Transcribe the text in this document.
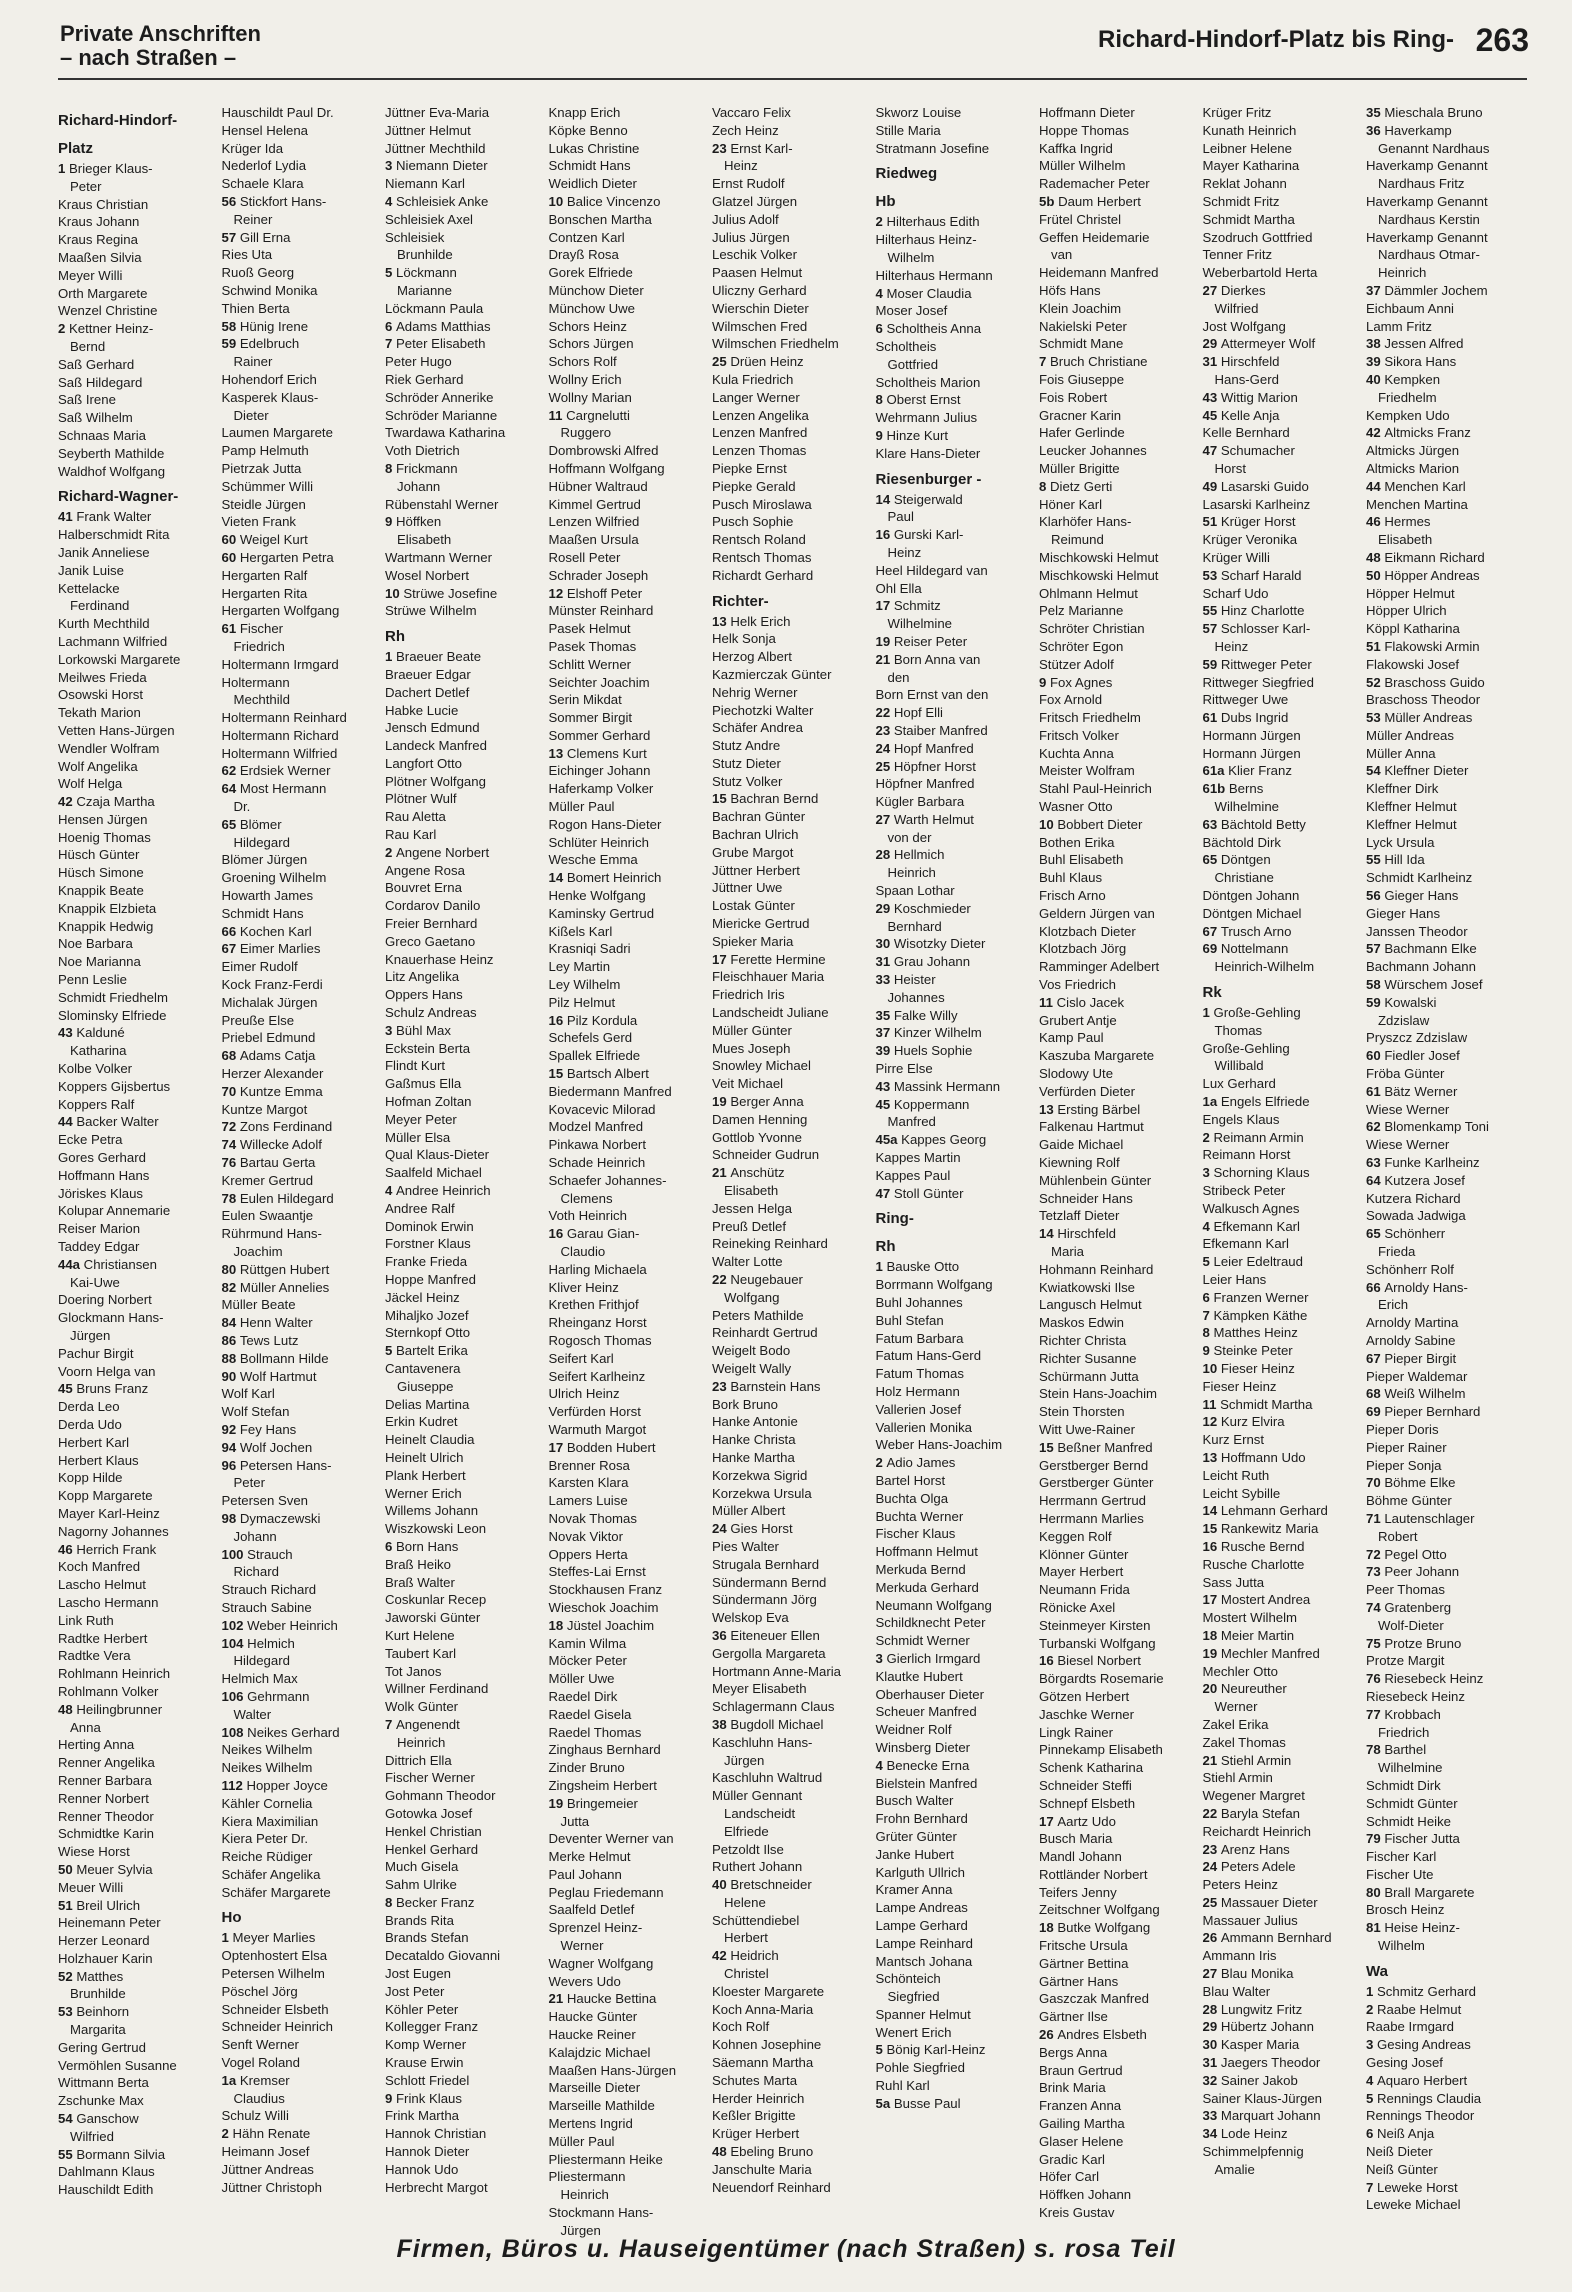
Private Anschriften
– nach Straßen –
Richard-Hindorf-Platz bis Ring- 263
Richard-Hindorf-
Platz
1 Brieger Klaus-
Peter
Kraus Christian
Kraus Johann
Kraus Regina
Maaßen Silvia
Meyer Willi
Orth Margarete
Wenzel Christine
2 Kettner Heinz-
Bernd
Saß Gerhard
Saß Hildegard
Saß Irene
Saß Wilhelm
Schnaas Maria
Seyberth Mathilde
Waldhof Wolfgang
Richard-Wagner-
41 Frank Walter
Halberschmidt Rita
Janik Anneliese
Janik Luise
Kettelacke
Ferdinand
Kurth Mechthild
Lachmann Wilfried
Lorkowski Margarete
Meilwes Frieda
Osowski Horst
Tekath Marion
Vetten Hans-Jürgen
Wendler Wolfram
Wolf Angelika
Wolf Helga
42 Czaja Martha
Hensen Jürgen
Hoenig Thomas
Hüsch Günter
Hüsch Simone
Knappik Beate
Knappik Elzbieta
Knappik Hedwig
Noe Barbara
Noe Marianna
Penn Leslie
Schmidt Friedhelm
Slominsky Elfriede
43 Kalduné
Katharina
Kolbe Volker
Koppers Gijsbertus
Koppers Ralf
44 Backer Walter
Ecke Petra
Gores Gerhard
Hoffmann Hans
Jöriskes Klaus
Kolupar Annemarie
Reiser Marion
Taddey Edgar
44a Christiansen
Kai-Uwe
Doering Norbert
Glockmann Hans-
Jürgen
Pachur Birgit
Voorn Helga van
45 Bruns Franz
Derda Leo
Derda Udo
Herbert Karl
Herbert Klaus
Kopp Hilde
Kopp Margarete
Mayer Karl-Heinz
Nagorny Johannes
46 Herrich Frank
Koch Manfred
Lascho Helmut
Lascho Hermann
Link Ruth
Radtke Herbert
Radtke Vera
Rohlmann Heinrich
Rohlmann Volker
48 Heilingbrunner
Anna
Herting Anna
Renner Angelika
Renner Barbara
Renner Norbert
Renner Theodor
Schmidtke Karin
Wiese Horst
50 Meuer Sylvia
Meuer Willi
51 Breil Ulrich
Heinemann Peter
Herzer Leonard
Holzhauer Karin
52 Matthes
Brunhilde
53 Beinhorn
Margarita
Gering Gertrud
Vermöhlen Susanne
Wittmann Berta
Zschunke Max
54 Ganschow
Wilfried
55 Bormann Silvia
Dahlmann Klaus
Hauschildt Edith
Hauschildt Paul Dr.
Hensel Helena
Krüger Ida
Nederlof Lydia
Schaele Klara
56 Stickfort Hans-
Reiner
57 Gill Erna
Ries Uta
Ruoß Georg
Schwind Monika
Thien Berta
58 Hünig Irene
59 Edelbruch
Rainer
Hohendorf Erich
Kasperek Klaus-
Dieter
Laumen Margarete
Pamp Helmuth
Pietrzak Jutta
Schümmer Willi
Steidle Jürgen
Vieten Frank
60 Weigel Kurt
60 Hergarten Petra
Hergarten Ralf
Hergarten Rita
Hergarten Wolfgang
61 Fischer
Friedrich
Holtermann Irmgard
Holtermann
Mechthild
Holtermann Reinhard
Holtermann Richard
Holtermann Wilfried
62 Erdsiek Werner
64 Most Hermann
Dr.
65 Blömer
Hildegard
Blömer Jürgen
Groening Wilhelm
Howarth James
Schmidt Hans
66 Kochen Karl
67 Eimer Marlies
Eimer Rudolf
Kock Franz-Ferdi
Michalak Jürgen
Preuße Else
Priebel Edmund
68 Adams Catja
Herzer Alexander
70 Kuntze Emma
Kuntze Margot
72 Zons Ferdinand
74 Willecke Adolf
76 Bartau Gerta
Kremer Gertrud
78 Eulen Hildegard
Eulen Swaantje
Rührmund Hans-
Joachim
80 Rüttgen Hubert
82 Müller Annelies
Müller Beate
84 Henn Walter
86 Tews Lutz
88 Bollmann Hilde
90 Wolf Hartmut
Wolf Karl
Wolf Stefan
92 Fey Hans
94 Wolf Jochen
96 Petersen Hans-
Peter
Petersen Sven
98 Dymaczewski
Johann
100 Strauch
Richard
Strauch Richard
Strauch Sabine
102 Weber Heinrich
104 Helmich
Hildegard
Helmich Max
106 Gehrmann
Walter
108 Neikes Gerhard
Neikes Wilhelm
Neikes Wilhelm
112 Hopper Joyce
Kähler Cornelia
Kiera Maximilian
Kiera Peter Dr.
Reiche Rüdiger
Schäfer Angelika
Schäfer Margarete
Ho
1 Meyer Marlies
Optenhostert Elsa
Petersen Wilhelm
Pöschel Jörg
Schneider Elsbeth
Schneider Heinrich
Senft Werner
Vogel Roland
1a Kremser
Claudius
Schulz Willi
2 Hähn Renate
Heimann Josef
Jüttner Andreas
Jüttner Christoph
Jüttner Eva-Maria
Jüttner Helmut
Jüttner Mechthild
3 Niemann Dieter
Niemann Karl
4 Schleisiek Anke
Schleisiek Axel
Schleisiek
Brunhilde
5 Löckmann
Marianne
Löckmann Paula
6 Adams Matthias
7 Peter Elisabeth
Peter Hugo
Riek Gerhard
Schröder Annerike
Schröder Marianne
Twardawa Katharina
Voth Dietrich
8 Frickmann
Johann
Rübenstahl Werner
9 Höffken
Elisabeth
Wartmann Werner
Wosel Norbert
10 Strüwe Josefine
Strüwe Wilhelm
Rh
1 Braeuer Beate
Braeuer Edgar
Dachert Detlef
Habke Lucie
Jensch Edmund
Landeck Manfred
Langfort Otto
Plötner Wolfgang
Plötner Wulf
Rau Aletta
Rau Karl
2 Angene Norbert
Angene Rosa
Bouvret Erna
Cordarov Danilo
Freier Bernhard
Greco Gaetano
Knauerhase Heinz
Litz Angelika
Oppers Hans
Schulz Andreas
3 Bühl Max
Eckstein Berta
Flindt Kurt
Gaßmus Ella
Hofman Zoltan
Meyer Peter
Müller Elsa
Qual Klaus-Dieter
Saalfeld Michael
4 Andree Heinrich
Andree Ralf
Dominok Erwin
Forstner Klaus
Franke Frieda
Hoppe Manfred
Jäckel Heinz
Mihaljko Jozef
Sternkopf Otto
5 Bartelt Erika
Cantavenera
Giuseppe
Delias Martina
Erkin Kudret
Heinelt Claudia
Heinelt Ulrich
Plank Herbert
Werner Erich
Willems Johann
Wiszkowski Leon
6 Born Hans
Braß Heiko
Braß Walter
Coskunlar Recep
Jaworski Günter
Kurt Helene
Taubert Karl
Tot Janos
Willner Ferdinand
Wolk Günter
7 Angenendt
Heinrich
Dittrich Ella
Fischer Werner
Gohmann Theodor
Gotowka Josef
Henkel Christian
Henkel Gerhard
Much Gisela
Sahm Ulrike
8 Becker Franz
Brands Rita
Brands Stefan
Decataldo Giovanni
Jost Eugen
Jost Peter
Köhler Peter
Kollegger Franz
Komp Werner
Krause Erwin
Schlott Friedel
9 Frink Klaus
Frink Martha
Hannok Christian
Hannok Dieter
Hannok Udo
Herbrecht Margot
Knapp Erich
Köpke Benno
Lukas Christine
Schmidt Hans
Weidlich Dieter
10 Balice Vincenzo
Bonschen Martha
Contzen Karl
Drayß Rosa
Gorek Elfriede
Münchow Dieter
Münchow Uwe
Schors Heinz
Schors Jürgen
Schors Rolf
Wollny Erich
Wollny Marian
11 Cargnelutti
Ruggero
Dombrowski Alfred
Hoffmann Wolfgang
Hübner Waltraud
Kimmel Gertrud
Lenzen Wilfried
Maaßen Ursula
Rosell Peter
Schrader Joseph
12 Elshoff Peter
Münster Reinhard
Pasek Helmut
Pasek Thomas
Schlitt Werner
Seichter Joachim
Serin Mikdat
Sommer Birgit
Sommer Gerhard
13 Clemens Kurt
Eichinger Johann
Haferkamp Volker
Müller Paul
Rogon Hans-Dieter
Schlüter Heinrich
Wesche Emma
14 Bomert Heinrich
Henke Wolfgang
Kaminsky Gertrud
Kißels Karl
Krasniqi Sadri
Ley Martin
Ley Wilhelm
Pilz Helmut
16 Pilz Kordula
Schefels Gerd
Spallek Elfriede
15 Bartsch Albert
Biedermann Manfred
Kovacevic Milorad
Modzel Manfred
Pinkawa Norbert
Schade Heinrich
Schaefer Johannes-
Clemens
Voth Heinrich
16 Garau Gian-
Claudio
Harling Michaela
Kliver Heinz
Krethen Frithjof
Rheinganz Horst
Rogosch Thomas
Seifert Karl
Seifert Karlheinz
Ulrich Heinz
Verfürden Horst
Warmuth Margot
17 Bodden Hubert
Brenner Rosa
Karsten Klara
Lamers Luise
Novak Thomas
Novak Viktor
Oppers Herta
Steffes-Lai Ernst
Stockhausen Franz
Wieschok Joachim
18 Jüstel Joachim
Kamin Wilma
Möcker Peter
Möller Uwe
Raedel Dirk
Raedel Gisela
Raedel Thomas
Zinghaus Bernhard
Zinder Bruno
Zingsheim Herbert
19 Bringemeier
Jutta
Deventer Werner van
Merke Helmut
Paul Johann
Peglau Friedemann
Saalfeld Detlef
Sprenzel Heinz-
Werner
Wagner Wolfgang
Wevers Udo
21 Haucke Bettina
Haucke Günter
Haucke Reiner
Kalajdzic Michael
Maaßen Hans-Jürgen
Marseille Dieter
Marseille Mathilde
Mertens Ingrid
Müller Paul
Pliestermann Heike
Pliestermann
Heinrich
Stockmann Hans-
Jürgen
Vaccaro Felix
Zech Heinz
23 Ernst Karl-
Heinz
Ernst Rudolf
Glatzel Jürgen
Julius Adolf
Julius Jürgen
Leschik Volker
Paasen Helmut
Uliczny Gerhard
Wierschin Dieter
Wilmschen Fred
Wilmschen Friedhelm
25 Drüen Heinz
Kula Friedrich
Langer Werner
Lenzen Angelika
Lenzen Manfred
Lenzen Thomas
Piepke Ernst
Piepke Gerald
Pusch Miroslawa
Pusch Sophie
Rentsch Roland
Rentsch Thomas
Richardt Gerhard
Richter-
13 Helk Erich
Helk Sonja
Herzog Albert
Kazmierczak Günter
Nehrig Werner
Piechotzki Walter
Schäfer Andrea
Stutz Andre
Stutz Dieter
Stutz Volker
15 Bachran Bernd
Bachran Günter
Bachran Ulrich
Grube Margot
Jüttner Herbert
Jüttner Uwe
Lostak Günter
Miericke Gertrud
Spieker Maria
17 Ferette Hermine
Fleischhauer Maria
Friedrich Iris
Landscheidt Juliane
Müller Günter
Mues Joseph
Snowley Michael
Veit Michael
19 Berger Anna
Damen Henning
Gottlob Yvonne
Schneider Gudrun
21 Anschütz
Elisabeth
Jessen Helga
Preuß Detlef
Reineking Reinhard
Walter Lotte
22 Neugebauer
Wolfgang
Peters Mathilde
Reinhardt Gertrud
Weigelt Bodo
Weigelt Wally
23 Barnstein Hans
Bork Bruno
Hanke Antonie
Hanke Christa
Hanke Martha
Korzekwa Sigrid
Korzekwa Ursula
Müller Albert
24 Gies Horst
Pies Walter
Strugala Bernhard
Sündermann Bernd
Sündermann Jörg
Welskop Eva
36 Eiteneuer Ellen
Gergolla Margareta
Hortmann Anne-Maria
Meyer Elisabeth
Schlagermann Claus
38 Bugdoll Michael
Kaschluhn Hans-
Jürgen
Kaschluhn Waltrud
Müller Gennant
Landscheidt
Elfriede
Petzoldt Ilse
Ruthert Johann
40 Bretschneider
Helene
Schüttendiebel
Herbert
42 Heidrich
Christel
Kloester Margarete
Koch Anna-Maria
Koch Rolf
Kohnen Josephine
Säemann Martha
Schutes Marta
Herder Heinrich
Keßler Brigitte
Krüger Herbert
48 Ebeling Bruno
Janschulte Maria
Neuendorf Reinhard
Skworz Louise
Stille Maria
Stratmann Josefine
Riedweg
Hb
2 Hilterhaus Edith
Hilterhaus Heinz-
Wilhelm
Hilterhaus Hermann
4 Moser Claudia
Moser Josef
6 Scholtheis Anna
Scholtheis
Gottfried
Scholtheis Marion
8 Oberst Ernst
Wehrmann Julius
9 Hinze Kurt
Klare Hans-Dieter
Riesenburger -
14 Steigerwald
Paul
16 Gurski Karl-
Heinz
Heel Hildegard van
Ohl Ella
17 Schmitz
Wilhelmine
19 Reiser Peter
21 Born Anna van
den
Born Ernst van den
22 Hopf Elli
23 Staiber Manfred
24 Hopf Manfred
25 Höpfner Horst
Höpfner Manfred
Kügler Barbara
27 Warth Helmut
von der
28 Hellmich
Heinrich
Spaan Lothar
29 Koschmieder
Bernhard
30 Wisotzky Dieter
31 Grau Johann
33 Heister
Johannes
35 Falke Willy
37 Kinzer Wilhelm
39 Huels Sophie
Pirre Else
43 Massink Hermann
45 Koppermann
Manfred
45a Kappes Georg
Kappes Martin
Kappes Paul
47 Stoll Günter
Ring-
Rh
1 Bauske Otto
Borrmann Wolfgang
Buhl Johannes
Buhl Stefan
Fatum Barbara
Fatum Hans-Gerd
Fatum Thomas
Holz Hermann
Vallerien Josef
Vallerien Monika
Weber Hans-Joachim
2 Adio James
Bartel Horst
Buchta Olga
Buchta Werner
Fischer Klaus
Hoffmann Helmut
Merkuda Bernd
Merkuda Gerhard
Neumann Wolfgang
Schildknecht Peter
Schmidt Werner
3 Gierlich Irmgard
Klautke Hubert
Oberhauser Dieter
Scheuer Manfred
Weidner Rolf
Winsberg Dieter
4 Benecke Erna
Bielstein Manfred
Busch Walter
Frohn Bernhard
Grüter Günter
Janke Hubert
Karlguth Ullrich
Kramer Anna
Lampe Andreas
Lampe Gerhard
Lampe Reinhard
Mantsch Johana
Schönteich
Siegfried
Spanner Helmut
Wenert Erich
5 Bönig Karl-Heinz
Pohle Siegfried
Ruhl Karl
5a Busse Paul
Hoffmann Dieter
Hoppe Thomas
Kaffka Ingrid
Müller Wilhelm
Rademacher Peter
5b Daum Herbert
Frütel Christel
Geffen Heidemarie
van
Heidemann Manfred
Höfs Hans
Klein Joachim
Nakielski Peter
Schmidt Mane
7 Bruch Christiane
Fois Giuseppe
Fois Robert
Gracner Karin
Hafer Gerlinde
Leucker Johannes
Müller Brigitte
8 Dietz Gerti
Höner Karl
Klarhöfer Hans-
Reimund
Mischkowski Helmut
Mischkowski Helmut
Ohlmann Helmut
Pelz Marianne
Schröter Christian
Schröter Egon
Stützer Adolf
9 Fox Agnes
Fox Arnold
Fritsch Friedhelm
Fritsch Volker
Kuchta Anna
Meister Wolfram
Stahl Paul-Heinrich
Wasner Otto
10 Bobbert Dieter
Bothen Erika
Buhl Elisabeth
Buhl Klaus
Frisch Arno
Geldern Jürgen van
Klotzbach Dieter
Klotzbach Jörg
Ramminger Adelbert
Vos Friedrich
11 Cislo Jacek
Grubert Antje
Kamp Paul
Kaszuba Margarete
Slodowy Ute
Verfürden Dieter
13 Ersting Bärbel
Falkenau Hartmut
Gaide Michael
Kiewning Rolf
Mühlenbein Günter
Schneider Hans
Tetzlaff Dieter
14 Hirschfeld
Maria
Hohmann Reinhard
Kwiatkowski Ilse
Langusch Helmut
Maskos Edwin
Richter Christa
Richter Susanne
Schürmann Jutta
Stein Hans-Joachim
Stein Thorsten
Witt Uwe-Rainer
15 Beßner Manfred
Gerstberger Bernd
Gerstberger Günter
Herrmann Gertrud
Herrmann Marlies
Keggen Rolf
Klönner Günter
Mayer Herbert
Neumann Frida
Rönicke Axel
Steinmeyer Kirsten
Turbanski Wolfgang
16 Biesel Norbert
Börgardts Rosemarie
Götzen Herbert
Jaschke Werner
Lingk Rainer
Pinnekamp Elisabeth
Schenk Katharina
Schneider Steffi
Schnepf Elsbeth
17 Aartz Udo
Busch Maria
Mandl Johann
Rottländer Norbert
Teifers Jenny
Zeitschner Wolfgang
18 Butke Wolfgang
Fritsche Ursula
Gärtner Bettina
Gärtner Hans
Gaszczak Manfred
Gärtner Ilse
26 Andres Elsbeth
Bergs Anna
Braun Gertrud
Brink Maria
Franzen Anna
Gailing Martha
Glaser Helene
Gradic Karl
Höfer Carl
Höffken Johann
Kreis Gustav
Krüger Fritz
Kunath Heinrich
Leibner Helene
Mayer Katharina
Reklat Johann
Schmidt Fritz
Schmidt Martha
Szodruch Gottfried
Tenner Fritz
Weberbartold Herta
27 Dierkes
Wilfried
Jost Wolfgang
29 Attermeyer Wolf
31 Hirschfeld
Hans-Gerd
43 Wittig Marion
45 Kelle Anja
Kelle Bernhard
47 Schumacher
Horst
49 Lasarski Guido
Lasarski Karlheinz
51 Krüger Horst
Krüger Veronika
Krüger Willi
53 Scharf Harald
Scharf Udo
55 Hinz Charlotte
57 Schlosser Karl-
Heinz
59 Rittweger Peter
Rittweger Siegfried
Rittweger Uwe
61 Dubs Ingrid
Hormann Jürgen
Hormann Jürgen
61a Klier Franz
61b Berns
Wilhelmine
63 Bächtold Betty
Bächtold Dirk
65 Döntgen
Christiane
Döntgen Johann
Döntgen Michael
67 Trusch Arno
69 Nottelmann
Heinrich-Wilhelm
Rk
1 Große-Gehling
Thomas
Große-Gehling
Willibald
Lux Gerhard
1a Engels Elfriede
Engels Klaus
2 Reimann Armin
Reimann Horst
3 Schorning Klaus
Stribeck Peter
Walkusch Agnes
4 Efkemann Karl
Efkemann Karl
5 Leier Edeltraud
Leier Hans
6 Franzen Werner
7 Kämpken Käthe
8 Matthes Heinz
9 Steinke Peter
10 Fieser Heinz
Fieser Heinz
11 Schmidt Martha
12 Kurz Elvira
Kurz Ernst
13 Hoffmann Udo
Leicht Ruth
Leicht Sybille
14 Lehmann Gerhard
15 Rankewitz Maria
16 Rusche Bernd
Rusche Charlotte
Sass Jutta
17 Mostert Andrea
Mostert Wilhelm
18 Meier Martin
19 Mechler Manfred
Mechler Otto
20 Neureuther
Werner
Zakel Erika
Zakel Thomas
21 Stiehl Armin
Stiehl Armin
Wegener Margret
22 Baryla Stefan
Reichardt Heinrich
23 Arenz Hans
24 Peters Adele
Peters Heinz
25 Massauer Dieter
Massauer Julius
26 Ammann Bernhard
Ammann Iris
27 Blau Monika
Blau Walter
28 Lungwitz Fritz
29 Hübertz Johann
30 Kasper Maria
31 Jaegers Theodor
32 Sainer Jakob
Sainer Klaus-Jürgen
33 Marquart Johann
34 Lode Heinz
Schimmelpfennig
Amalie
35 Mieschala Bruno
36 Haverkamp
Genannt Nardhaus
Haverkamp Genannt
Nardhaus Fritz
Haverkamp Genannt
Nardhaus Kerstin
Haverkamp Genannt
Nardhaus Otmar-
Heinrich
37 Dämmler Jochem
Eichbaum Anni
Lamm Fritz
38 Jessen Alfred
39 Sikora Hans
40 Kempken
Friedhelm
Kempken Udo
42 Altmicks Franz
Altmicks Jürgen
Altmicks Marion
44 Menchen Karl
Menchen Martina
46 Hermes
Elisabeth
48 Eikmann Richard
50 Höpper Andreas
Höpper Helmut
Höpper Ulrich
Köppl Katharina
51 Flakowski Armin
Flakowski Josef
52 Braschoss Guido
Braschoss Theodor
53 Müller Andreas
Müller Andreas
Müller Anna
54 Kleffner Dieter
Kleffner Dirk
Kleffner Helmut
Kleffner Helmut
Lyck Ursula
55 Hill Ida
Schmidt Karlheinz
56 Gieger Hans
Gieger Hans
Janssen Theodor
57 Bachmann Elke
Bachmann Johann
58 Würschem Josef
59 Kowalski
Zdzislaw
Pryszcz Zdzislaw
60 Fiedler Josef
Fröba Günter
61 Bätz Werner
Wiese Werner
62 Blomenkamp Toni
Wiese Werner
63 Funke Karlheinz
64 Kutzera Josef
Kutzera Richard
Sowada Jadwiga
65 Schönherr
Frieda
Schönherr Rolf
66 Arnoldy Hans-
Erich
Arnoldy Martina
Arnoldy Sabine
67 Pieper Birgit
Pieper Waldemar
68 Weiß Wilhelm
69 Pieper Bernhard
Pieper Doris
Pieper Rainer
Pieper Sonja
70 Böhme Elke
Böhme Günter
71 Lautenschlager
Robert
72 Pegel Otto
73 Peer Johann
Peer Thomas
74 Gratenberg
Wolf-Dieter
75 Protze Bruno
Protze Margit
76 Riesebeck Heinz
Riesebeck Heinz
77 Krobbach
Friedrich
78 Barthel
Wilhelmine
Schmidt Dirk
Schmidt Günter
Schmidt Heike
79 Fischer Jutta
Fischer Karl
Fischer Ute
80 Brall Margarete
Brosch Heinz
81 Heise Heinz-
Wilhelm
Wa
1 Schmitz Gerhard
2 Raabe Helmut
Raabe Irmgard
3 Gesing Andreas
Gesing Josef
4 Aquaro Herbert
5 Rennings Claudia
Rennings Theodor
6 Neiß Anja
Neiß Dieter
Neiß Günter
7 Leweke Horst
Leweke Michael
Firmen, Büros u. Hauseigentümer (nach Straßen) s. rosa Teil
